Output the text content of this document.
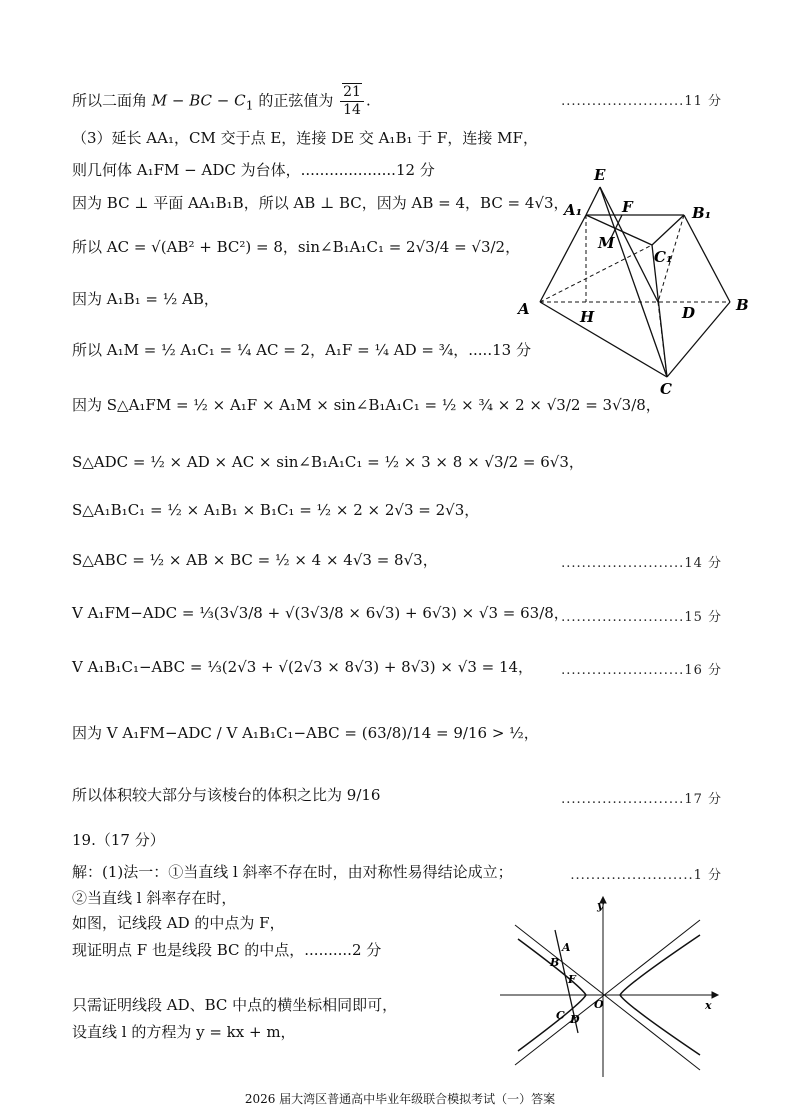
所以二面角 M − BC − $C_1$ 的正弦值为 $\frac{21}{14}$ .	........................11 分
（3）延长 AA₁，CM 交于点 E，连接 DE 交 A₁B₁ 于 F，连接 MF，
则几何体 A₁FM − ADC 为台体，....................12 分
因为 BC ⊥ 平面 AA₁B₁B，所以 AB ⊥ BC，因为 AB = 4，BC = 4√3，
所以 AC = √(AB² + BC²) = 8，sin∠B₁A₁C₁ = 2√3/4 = √3/2，
因为 A₁B₁ = ½ AB，
所以 A₁M = ½ A₁C₁ = ¼ AC = 2，A₁F = ¼ AD = ¾，.....13 分
因为 S△A₁FM = ½ × A₁F × A₁M × sin∠B₁A₁C₁ = ½ × ¾ × 2 × √3/2 = 3√3/8，
S△ADC = ½ × AD × AC × sin∠B₁A₁C₁ = ½ × 3 × 8 × √3/2 = 6√3，
S△A₁B₁C₁ = ½ × A₁B₁ × B₁C₁ = ½ × 2 × 2√3 = 2√3，
S△ABC = ½ × AB × BC = ½ × 4 × 4√3 = 8√3，	........................14 分
V A₁FM−ADC = ⅓(3√3/8 + √(3√3/8 × 6√3) + 6√3) × √3 = 63/8，
........................15 分
V A₁B₁C₁−ABC = ⅓(2√3 + √(2√3 × 8√3) + 8√3) × √3 = 14， ........................16 分
因为 V A₁FM−ADC / V A₁B₁C₁−ABC = (63/8)/14 = 9/16 > ½，
所以体积较大部分与该棱台的体积之比为 9/16	........................17 分
19.（17 分）
解：(1)法一：①当直线 l 斜率不存在时，由对称性易得结论成立；	........................1 分
②当直线 l 斜率存在时，
如图，记线段 AD 的中点为 F，
现证明点 F 也是线段 BC 的中点，..........2 分
只需证明线段 AD、BC 中点的横坐标相同即可，
设直线 l 的方程为 y = kx + m，
E
A₁	F	B₁
M
C₁
A	H	D	B
C
y
x
O
A
B
F
C D
2026 届大湾区普通高中毕业年级联合模拟考试（一）答案
